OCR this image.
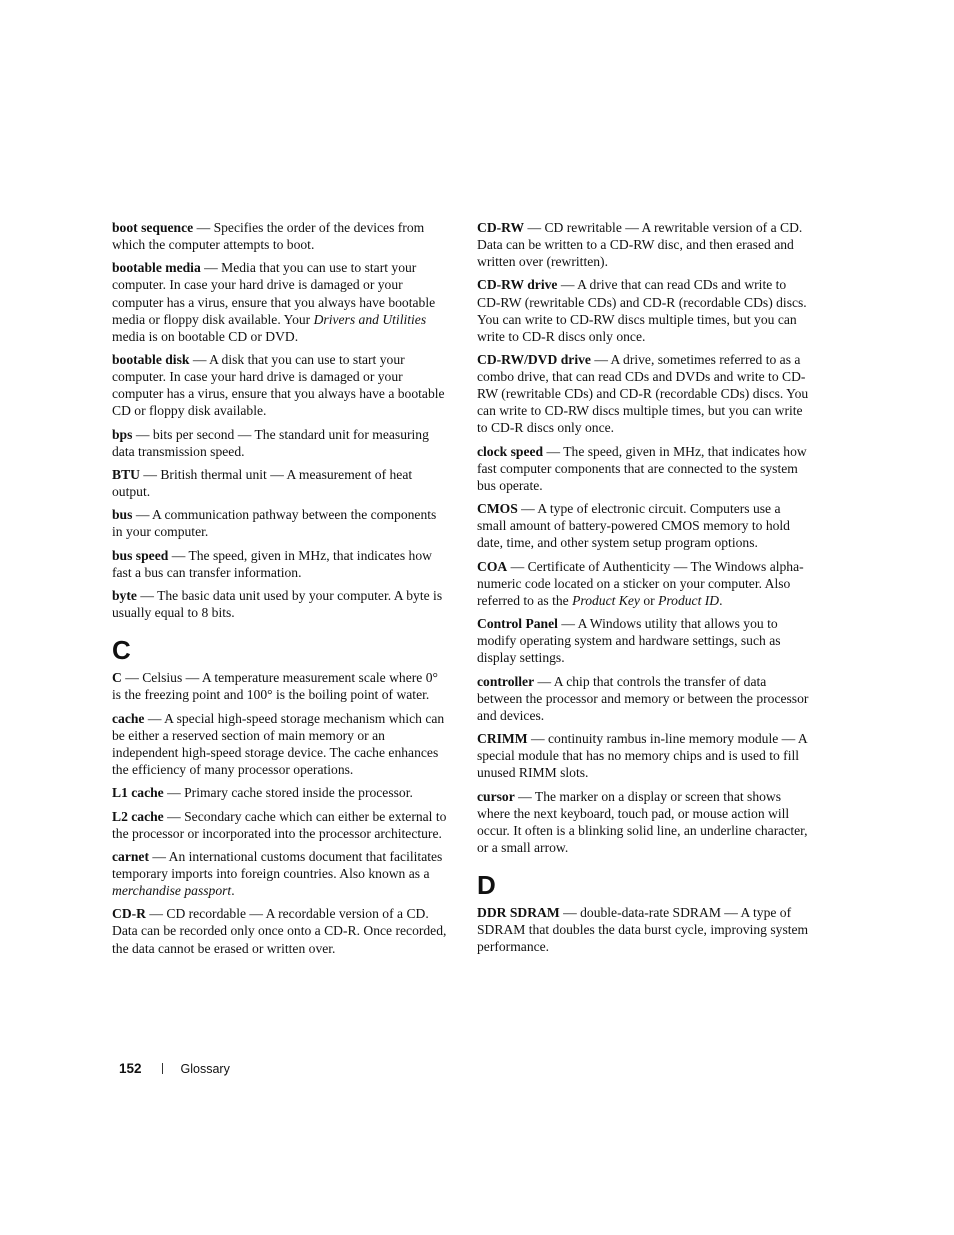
boot sequence — Specifies the order of the devices from which the computer attempts to boot.

bootable media — Media that you can use to start your computer. In case your hard drive is damaged or your computer has a virus, ensure that you always have bootable media or floppy disk available. Your Drivers and Utilities media is on bootable CD or DVD.

bootable disk — A disk that you can use to start your computer. In case your hard drive is damaged or your computer has a virus, ensure that you always have a bootable CD or floppy disk available.

bps — bits per second — The standard unit for measuring data transmission speed.

BTU — British thermal unit — A measurement of heat output.

bus — A communication pathway between the components in your computer.

bus speed — The speed, given in MHz, that indicates how fast a bus can transfer information.

byte — The basic data unit used by your computer. A byte is usually equal to 8 bits.

C

C — Celsius — A temperature measurement scale where 0° is the freezing point and 100° is the boiling point of water.

cache — A special high-speed storage mechanism which can be either a reserved section of main memory or an independent high-speed storage device. The cache enhances the efficiency of many processor operations.

L1 cache — Primary cache stored inside the processor.

L2 cache — Secondary cache which can either be external to the processor or incorporated into the processor architecture.

carnet — An international customs document that facilitates temporary imports into foreign countries. Also known as a merchandise passport.

CD-R — CD recordable — A recordable version of a CD. Data can be recorded only once onto a CD-R. Once recorded, the data cannot be erased or written over.

CD-RW — CD rewritable — A rewritable version of a CD. Data can be written to a CD-RW disc, and then erased and written over (rewritten).

CD-RW drive — A drive that can read CDs and write to CD-RW (rewritable CDs) and CD-R (recordable CDs) discs. You can write to CD-RW discs multiple times, but you can write to CD-R discs only once.

CD-RW/DVD drive — A drive, sometimes referred to as a combo drive, that can read CDs and DVDs and write to CD-RW (rewritable CDs) and CD-R (recordable CDs) discs. You can write to CD-RW discs multiple times, but you can write to CD-R discs only once.

clock speed — The speed, given in MHz, that indicates how fast computer components that are connected to the system bus operate.

CMOS — A type of electronic circuit. Computers use a small amount of battery-powered CMOS memory to hold date, time, and other system setup program options.

COA — Certificate of Authenticity — The Windows alpha-numeric code located on a sticker on your computer. Also referred to as the Product Key or Product ID.

Control Panel — A Windows utility that allows you to modify operating system and hardware settings, such as display settings.

controller — A chip that controls the transfer of data between the processor and memory or between the processor and devices.

CRIMM — continuity rambus in-line memory module — A special module that has no memory chips and is used to fill unused RIMM slots.

cursor — The marker on a display or screen that shows where the next keyboard, touch pad, or mouse action will occur. It often is a blinking solid line, an underline character, or a small arrow.

D

DDR SDRAM — double-data-rate SDRAM — A type of SDRAM that doubles the data burst cycle, improving system performance.

152	Glossary
